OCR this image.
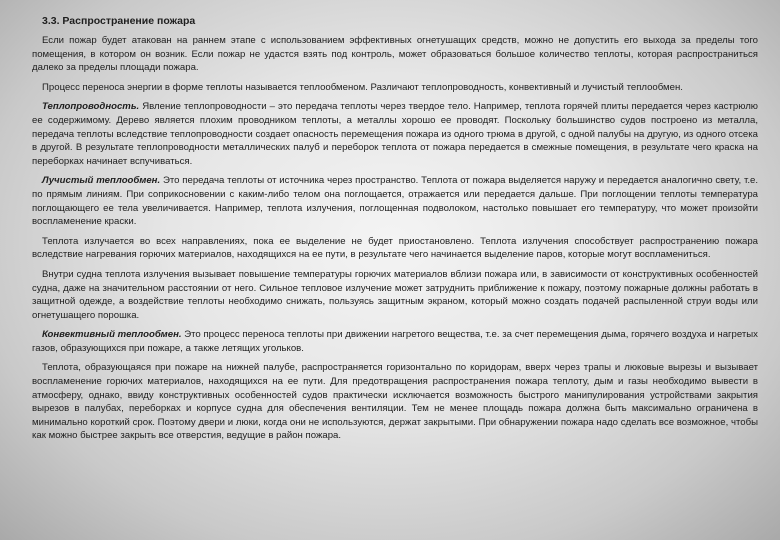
3.3. Распространение пожара

Если пожар будет атакован на раннем этапе с использованием эффективных огнетушащих средств, можно не допустить его выхода за пределы того помещения, в котором он возник. Если пожар не удастся взять под контроль, может образоваться большое количество теплоты, которая распространиться далеко за пределы площади пожара.

Процесс переноса энергии в форме теплоты называется теплообменом. Различают теплопроводность, конвективный и лучистый теплообмен.

Теплопроводность. Явление теплопроводности – это передача теплоты через твердое тело. Например, теплота горячей плиты передается через кастрюлю ее содержимому. Дерево является плохим проводником теплоты, а металлы хорошо ее проводят. Поскольку большинство судов построено из металла, передача теплоты вследствие теплопроводности создает опасность перемещения пожара из одного трюма в другой, с одной палубы на другую, из одного отсека в другой. В результате теплопроводности металлических палуб и переборок теплота от пожара передается в смежные помещения, в результате чего краска на переборках начинает вспучиваться.

Лучистый теплообмен. Это передача теплоты от источника через пространство. Теплота от пожара выделяется наружу и передается аналогично свету, т.е. по прямым линиям. При соприкосновении с каким-либо телом она поглощается, отражается или передается дальше. При поглощении теплоты температура поглощающего ее тела увеличивается. Например, теплота излучения, поглощенная подволоком, настолько повышает его температуру, что может произойти воспламенение краски.

Теплота излучается во всех направлениях, пока ее выделение не будет приостановлено. Теплота излучения способствует распространению пожара вследствие нагревания горючих материалов, находящихся на ее пути, в результате чего начинается выделение паров, которые могут воспламениться.

Внутри судна теплота излучения вызывает повышение температуры горючих материалов вблизи пожара или, в зависимости от конструктивных особенностей судна, даже на значительном расстоянии от него. Сильное тепловое излучение может затруднить приближение к пожару, поэтому пожарные должны работать в защитной одежде, а воздействие теплоты необходимо снижать, пользуясь защитным экраном, который можно создать подачей распыленной струи воды или огнетушащего порошка.

Конвективный теплообмен. Это процесс переноса теплоты при движении нагретого вещества, т.е. за счет перемещения дыма, горячего воздуха и нагретых газов, образующихся при пожаре, а также летящих угольков.

Теплота, образующаяся при пожаре на нижней палубе, распространяется горизонтально по коридорам, вверх через трапы и люковые вырезы и вызывает воспламенение горючих материалов, находящихся на ее пути. Для предотвращения распространения пожара теплоту, дым и газы необходимо вывести в атмосферу, однако, ввиду конструктивных особенностей судов практически исключается возможность быстрого манипулирования устройствами закрытия вырезов в палубах, переборках и корпусе судна для обеспечения вентиляции. Тем не менее площадь пожара должна быть максимально ограничена в минимально короткий срок. Поэтому двери и люки, когда они не используются, держат закрытыми. При обнаружении пожара надо сделать все возможное, чтобы как можно быстрее закрыть все отверстия, ведущие в район пожара.
